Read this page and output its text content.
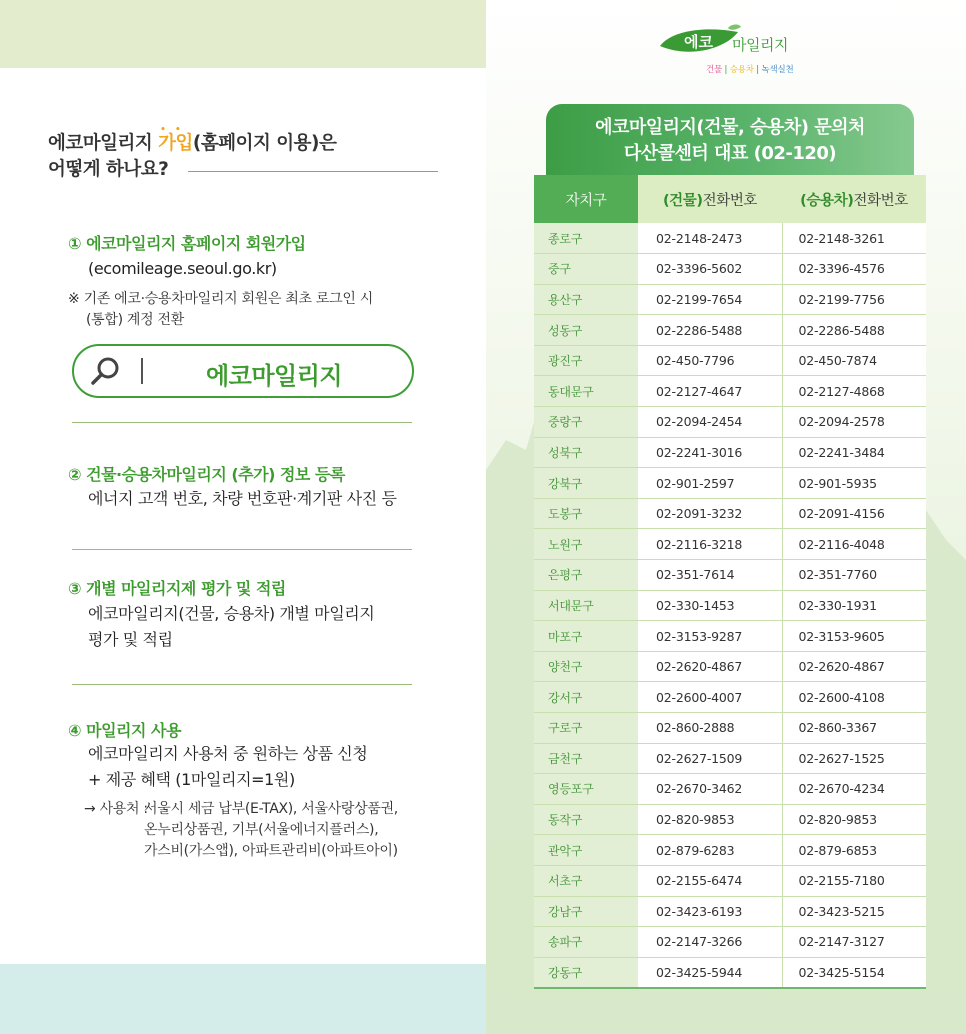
에코마일리지 • • 가입(홈페이지 이용)은
어떻게 하나요?
① 에코마일리지 홈페이지 회원가입
(ecomileage.seoul.go.kr)
※ 기존 에코·승용차마일리지 회원은 최초 로그인 시
(통합) 계정 전환
에코마일리지
② 건물·승용차마일리지 (추가) 정보 등록
에너지 고객 번호, 차량 번호판·계기판 사진 등
③ 개별 마일리지제 평가 및 적립
에코마일리지(건물, 승용차) 개별 마일리지
평가 및 적립
④ 마일리지 사용
에코마일리지 사용처 중 원하는 상품 신청
+ 제공 혜택 (1마일리지=1원)
→ 사용처 :
서울시 세금 납부(E-TAX), 서울사랑상품권,
온누리상품권, 기부(서울에너지플러스),
가스비(가스앱), 아파트관리비(아파트아이)
에코 마일리지
건물 | 승용차 | 녹색실천
에코마일리지(건물, 승용차) 문의처
다산콜센터 대표 (02-120)
자치구	(건물)전화번호	(승용차)전화번호
종로구	02-2148-2473	02-2148-3261
중구	02-3396-5602	02-3396-4576
용산구	02-2199-7654	02-2199-7756
성동구	02-2286-5488	02-2286-5488
광진구	02-450-7796	02-450-7874
동대문구	02-2127-4647	02-2127-4868
중랑구	02-2094-2454	02-2094-2578
성북구	02-2241-3016	02-2241-3484
강북구	02-901-2597	02-901-5935
도봉구	02-2091-3232	02-2091-4156
노원구	02-2116-3218	02-2116-4048
은평구	02-351-7614	02-351-7760
서대문구	02-330-1453	02-330-1931
마포구	02-3153-9287	02-3153-9605
양천구	02-2620-4867	02-2620-4867
강서구	02-2600-4007	02-2600-4108
구로구	02-860-2888	02-860-3367
금천구	02-2627-1509	02-2627-1525
영등포구	02-2670-3462	02-2670-4234
동작구	02-820-9853	02-820-9853
관악구	02-879-6283	02-879-6853
서초구	02-2155-6474	02-2155-7180
강남구	02-3423-6193	02-3423-5215
송파구	02-2147-3266	02-2147-3127
강동구	02-3425-5944	02-3425-5154
